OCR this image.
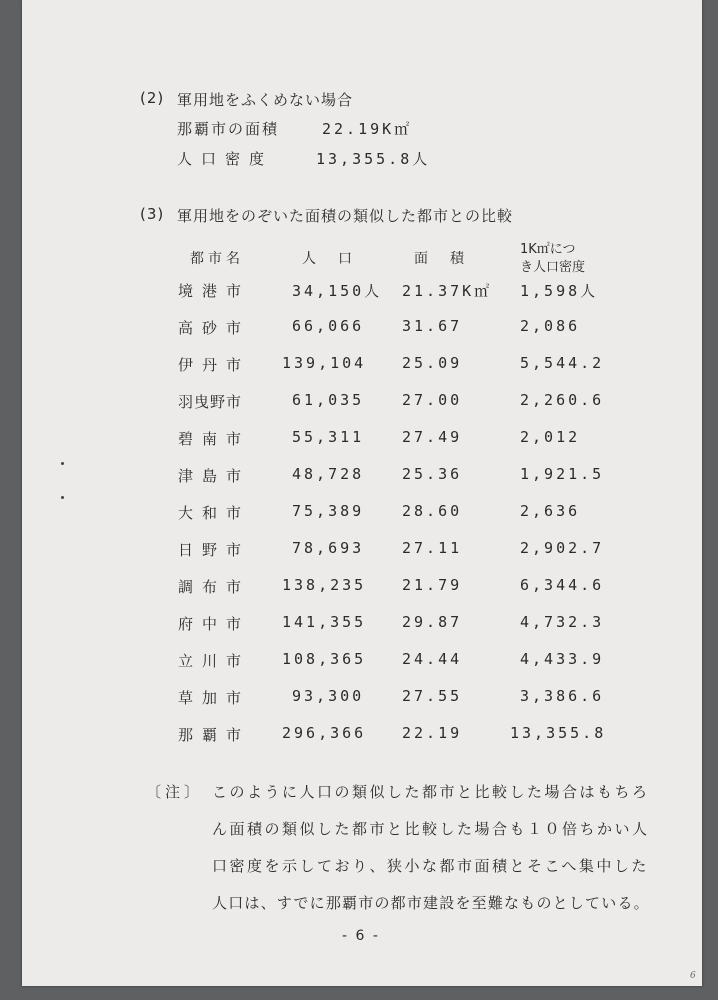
(2) 軍用地をふくめない場合
那覇市の面積	22.19K㎡
人口密度	13,355.8人
(3) 軍用地をのぞいた面積の類似した都市との比較
都市名	人　口	面　積
1K㎡につ
き人口密度
境港市	34,150人 21.37K㎡ 1,598人
高砂市	66,066	31.67	2,086
伊丹市 139,104 25.09	5,544.2
羽曳野市	61,035	27.00	2,260.6
碧南市	55,311	27.49	2,012
津島市	48,728	25.36	1,921.5
大和市	75,389	28.60	2,636
日野市	78,693	27.11	2,902.7
調布市 138,235 21.79	6,344.6
府中市 141,355 29.87	4,732.3
立川市 108,365 24.44	4,433.9
草加市	93,300	27.55	3,386.6
那覇市 296,366 22.19	13,355.8
〔注〕 このように人口の類似した都市と比較した場合はもちろ
ん面積の類似した都市と比較した場合も１０倍ちかい人
口密度を示しており、狭小な都市面積とそこへ集中した
人口は、すでに那覇市の都市建設を至難なものとしている。
- 6 -
6
